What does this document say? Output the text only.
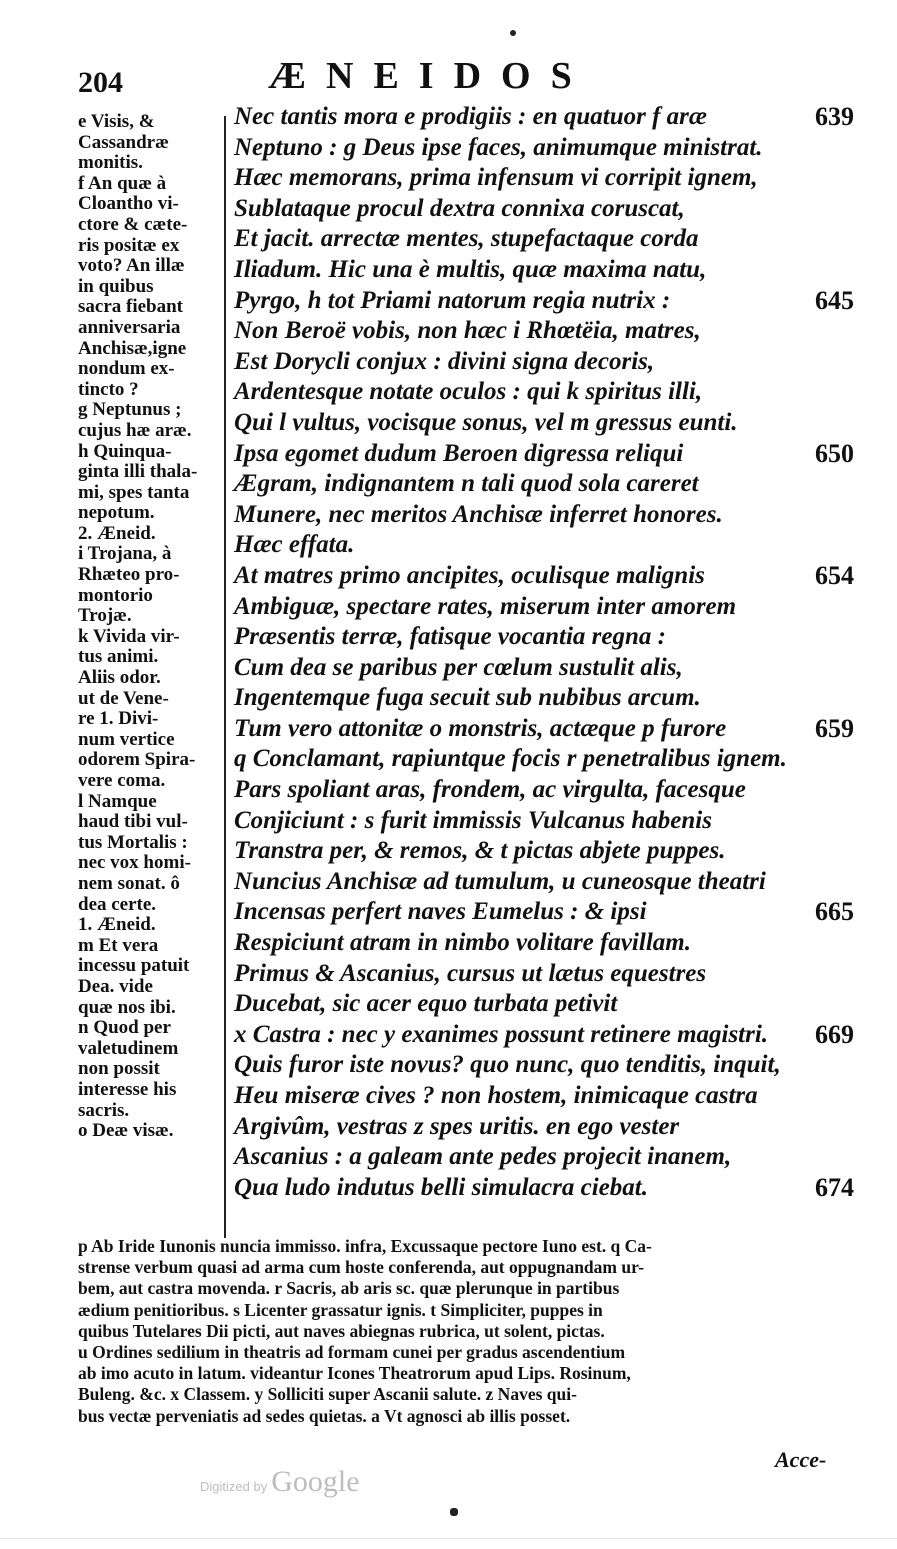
204	ÆNEIDOS
e Visis, &
Cassandræ
monitis.
f An quæ à
Cloantho vi-
ctore & cæte-
ris positæ ex
voto? An illæ
in quibus
sacra fiebant
anniversaria
Anchisæ,igne
nondum ex-
tincto ?
g Neptunus ;
cujus hæ aræ.
h Quinqua-
ginta illi thala-
mi, spes tanta
nepotum.
2. Æneid.
i Trojana, à
Rhæteo pro-
montorio
Trojæ.
k Vivida vir-
tus animi.
Aliis odor.
ut de Vene-
re 1. Divi-
num vertice
odorem Spira-
vere coma.
l Namque
haud tibi vul-
tus Mortalis :
nec vox homi-
nem sonat. ô
dea certe.
1. Æneid.
m Et vera
incessu patuit
Dea. vide
quæ nos ibi.
n Quod per
valetudinem
non possit
interesse his
sacris.
o Deæ visæ.
Nec tantis mora e prodigiis : en quatuor f aræ	639
Neptuno : g Deus ipse faces, animumque ministrat.
Hæc memorans, prima infensum vi corripit ignem,
Sublataque procul dextra connixa coruscat,
Et jacit. arrectæ mentes, stupefactaque corda
Iliadum. Hic una è multis, quæ maxima natu,
Pyrgo, h tot Priami natorum regia nutrix :	645
Non Beroë vobis, non hæc i Rhœtëia, matres,
Est Dorycli conjux : divini signa decoris,
Ardentesque notate oculos : qui k spiritus illi,
Qui l vultus, vocisque sonus, vel m gressus eunti.
Ipsa egomet dudum Beroen digressa reliqui	650
Ægram, indignantem n tali quod sola careret
Munere, nec meritos Anchisæ inferret honores.
Hæc effata.
At matres primo ancipites, oculisque malignis	654
Ambiguæ, spectare rates, miserum inter amorem
Præsentis terræ, fatisque vocantia regna :
Cum dea se paribus per cœlum sustulit alis,
Ingentemque fuga secuit sub nubibus arcum.
Tum vero attonitæ o monstris, actæque p furore	659
q Conclamant, rapiuntque focis r penetralibus ignem.
Pars spoliant aras, frondem, ac virgulta, facesque
Conjiciunt : s furit immissis Vulcanus habenis
Transtra per, & remos, & t pictas abjete puppes.
Nuncius Anchisæ ad tumulum, u cuneosque theatri
Incensas perfert naves Eumelus : & ipsi	665
Respiciunt atram in nimbo volitare favillam.
Primus & Ascanius, cursus ut lætus equestres
Ducebat, sic acer equo turbata petivit
x Castra : nec y exanimes possunt retinere magistri. 669
Quis furor iste novus? quo nunc, quo tenditis, inquit,
Heu miseræ cives ? non hostem, inimicaque castra
Argivûm, vestras z spes uritis. en ego vester
Ascanius : a galeam ante pedes projecit inanem,
Qua ludo indutus belli simulacra ciebat.	674
p Ab Iride Iunonis nuncia immisso. infra, Excussaque pectore Iuno est. q Ca-
strense verbum quasi ad arma cum hoste conferenda, aut oppugnandam ur-
bem, aut castra movenda. r Sacris, ab aris sc. quæ plerunque in partibus
ædium penitioribus. s Licenter grassatur ignis. t Simpliciter, puppes in
quibus Tutelares Dii picti, aut naves abiegnas rubrica, ut solent, pictas.
u Ordines sedilium in theatris ad formam cunei per gradus ascendentium
ab imo acuto in latum. videantur Icones Theatrorum apud Lips. Rosinum,
Buleng. &c. x Classem. y Solliciti super Ascanii salute. z Naves qui-
bus vectæ perveniatis ad sedes quietas. a Vt agnosci ab illis posset.
Acce-
Digitized by Google
